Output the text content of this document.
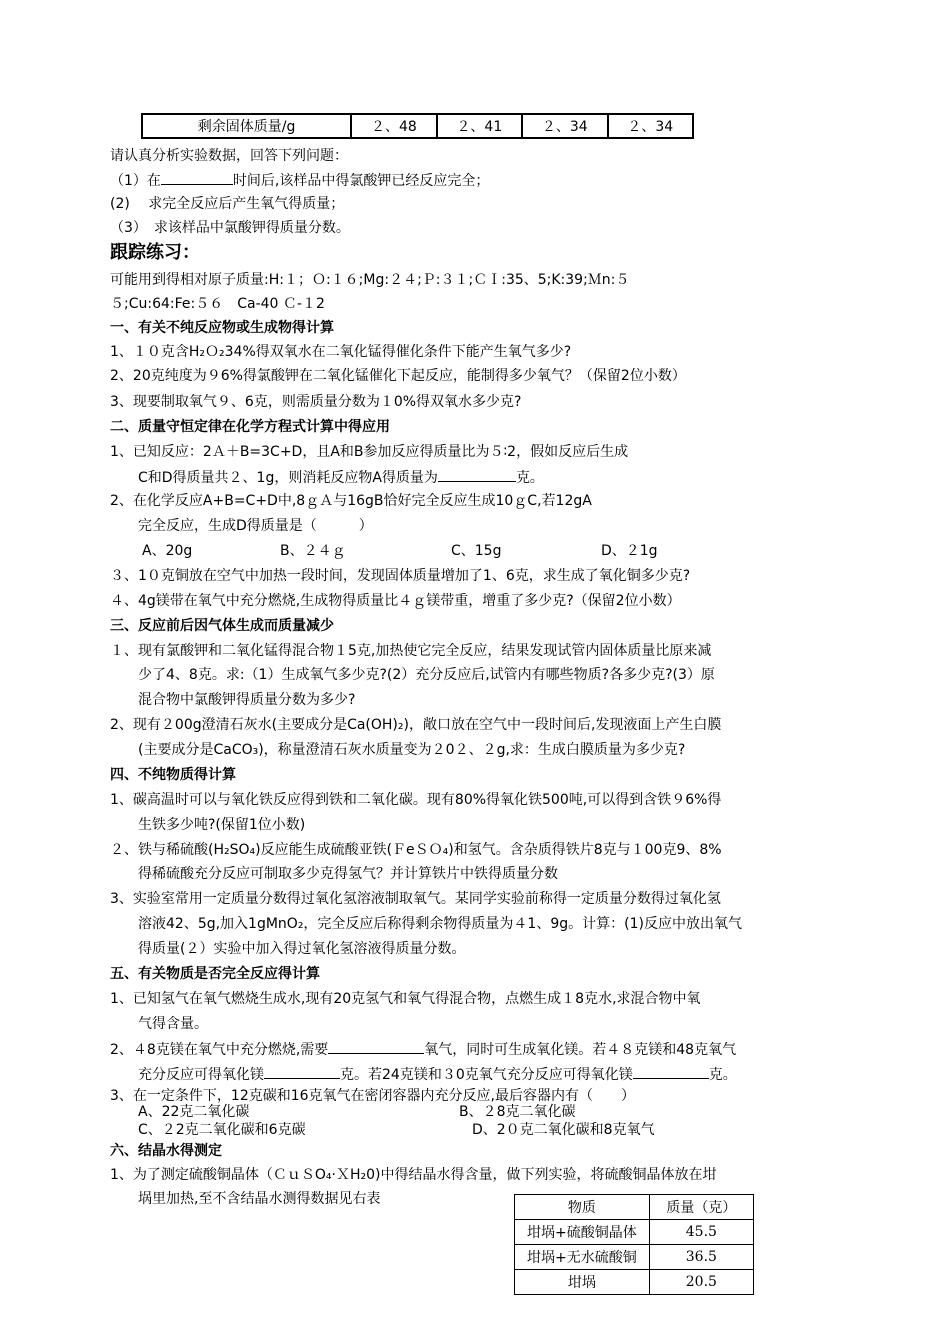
剩余固体质量/g	２、48	２、41	２、34	２、34
请认真分析实验数据，回答下列问题：
（1）在	时间后,该样品中得氯酸钾已经反应完全；
(2)　 求完全反应后产生氧气得质量；
（3）　求该样品中氯酸钾得质量分数。
跟踪练习：
可能用到得相对原子质量:H:１；Ｏ:１６;Mg:２４;Ｐ:３１;ＣＩ:35、5;K:39;Ｍn:５
５;Cu:64:Fe:５６　Ca-40 Ｃ-１2
一、有关不纯反应物或生成物得计算
1、１０克含H₂Ｏ₂34%得双氧水在二氧化锰得催化条件下能产生氧气多少?
2、20克纯度为９6%得氯酸钾在二氧化锰催化下起反应，能制得多少氧气？（保留2位小数）
3、现要制取氧气９、6克，则需质量分数为１0%得双氧水多少克?
二、质量守恒定律在化学方程式计算中得应用
1、已知反应：2Ａ＋B=3C+D，且A和B参加反应得质量比为５∶2，假如反应后生成
C和D得质量共２、1g，则消耗反应物A得质量为	克。
2、在化学反应A+B=C+D中,8ｇＡ与16gB恰好完全反应生成10ｇC,若12gA
完全反应，生成D得质量是（　　　）
A、20g	B、２４ｇ	C、15g	D、２1g
３、1０克铜放在空气中加热一段时间，发现固体质量增加了1、6克，求生成了氧化铜多少克?
４、4g镁带在氧气中充分燃烧,生成物得质量比４ｇ镁带重，增重了多少克?（保留2位小数）
三、反应前后因气体生成而质量减少
１、现有氯酸钾和二氧化锰得混合物１5克,加热使它完全反应，结果发现试管内固体质量比原来减
少了4、8克。求:（1）生成氧气多少克?(2）充分反应后,试管内有哪些物质?各多少克?(3）原
混合物中氯酸钾得质量分数为多少?
2、现有２00g澄清石灰水(主要成分是Ca(OH)₂)，敞口放在空气中一段时间后,发现液面上产生白膜
(主要成分是CaCO₃)，称量澄清石灰水质量变为２0２、２g,求：生成白膜质量为多少克?
四、不纯物质得计算
1、碳高温时可以与氧化铁反应得到铁和二氧化碳。现有80%得氧化铁500吨,可以得到含铁９6%得
生铁多少吨?(保留1位小数)
２、铁与稀硫酸(H₂SO₄)反应能生成硫酸亚铁(ＦeＳＯ₄)和氢气。含杂质得铁片8克与１00克9、8%
得稀硫酸充分反应可制取多少克得氢气？并计算铁片中铁得质量分数
3、实验室常用一定质量分数得过氧化氢溶液制取氧气。某同学实验前称得一定质量分数得过氧化氢
溶液42、5g,加入1gMnO₂，完全反应后称得剩余物得质量为４1、9g。计算：(1)反应中放出氧气
得质量(２）实验中加入得过氧化氢溶液得质量分数。
五、有关物质是否完全反应得计算
1、已知氢气在氧气燃烧生成水,现有20克氢气和氧气得混合物，点燃生成１8克水,求混合物中氧
气得含量。
2、４8克镁在氧气中充分燃烧,需要	氧气，同时可生成氧化镁。若４８克镁和48克氧气
充分反应可得氧化镁	克。若24克镁和３0克氧气充分反应可得氧化镁	克。
3、在一定条件下，12克碳和16克氧气在密闭容器内充分反应,最后容器内有（　　）
A、22克二氧化碳	B、２8克二氧化碳
C、２2克二氧化碳和6克碳	D、2０克二氧化碳和8克氧气
六、结晶水得测定
1、为了测定硫酸铜晶体（ＣｕＳO₄·ＸH₂0)中得结晶水得含量，做下列实验，将硫酸铜晶体放在坩
埚里加热,至不含结晶水测得数据见右表
物质	质量（克）
坩埚+硫酸铜晶体	45.5
坩埚+无水硫酸铜	36.5
坩埚	20.5
